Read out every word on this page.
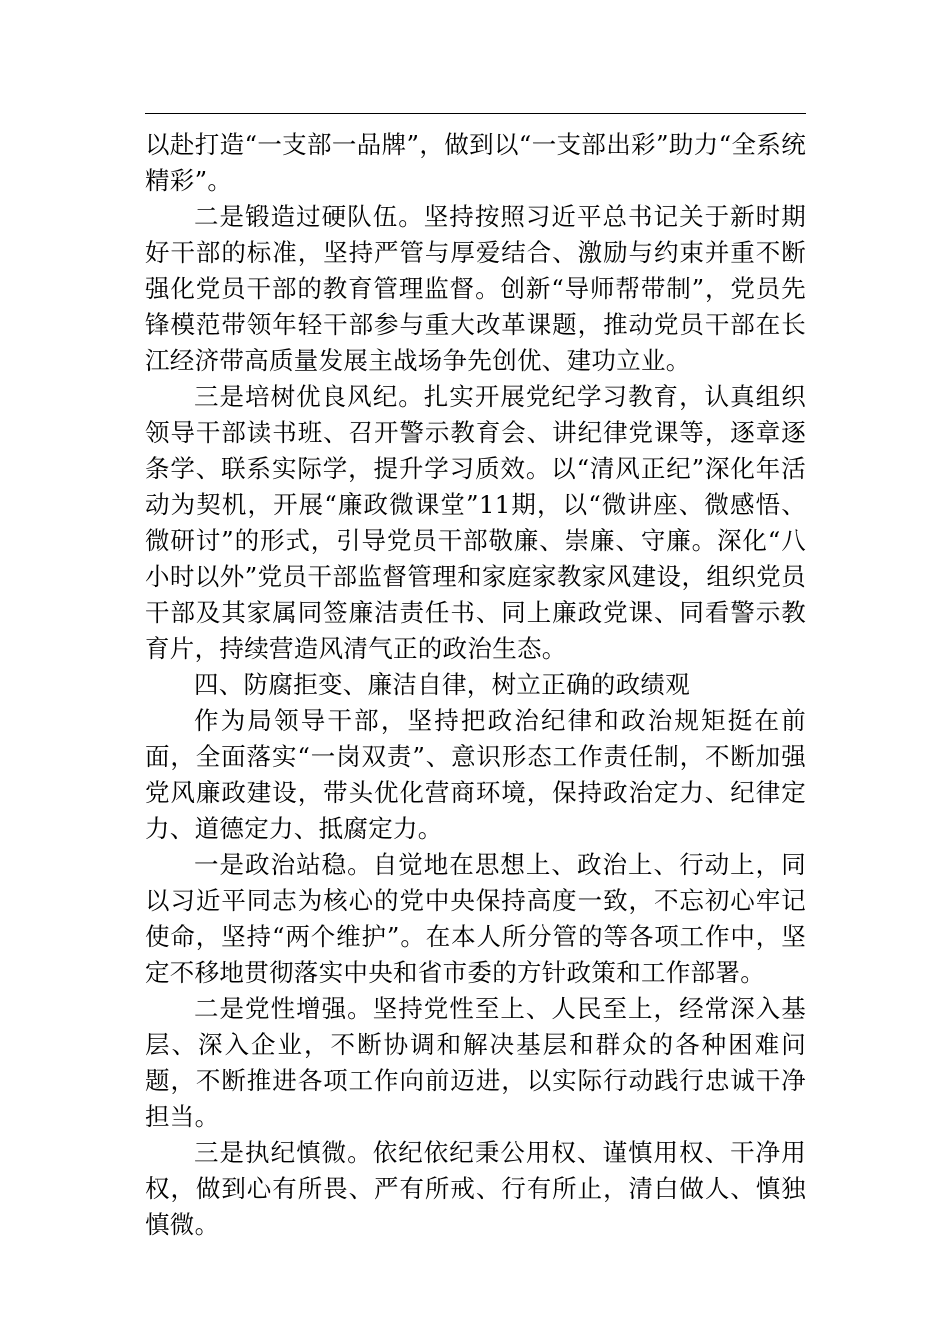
以赴打造“一支部一品牌”，做到以“一支部出彩”助力“全系统精彩”。

二是锻造过硬队伍。坚持按照习近平总书记关于新时期好干部的标准，坚持严管与厚爱结合、激励与约束并重不断强化党员干部的教育管理监督。创新“导师帮带制”，党员先锋模范带领年轻干部参与重大改革课题，推动党员干部在长江经济带高质量发展主战场争先创优、建功立业。

三是培树优良风纪。扎实开展党纪学习教育，认真组织领导干部读书班、召开警示教育会、讲纪律党课等，逐章逐条学、联系实际学，提升学习质效。以“清风正纪”深化年活动为契机，开展“廉政微课堂”11期，以“微讲座、微感悟、微研讨”的形式，引导党员干部敬廉、崇廉、守廉。深化“八小时以外”党员干部监督管理和家庭家教家风建设，组织党员干部及其家属同签廉洁责任书、同上廉政党课、同看警示教育片，持续营造风清气正的政治生态。

四、防腐拒变、廉洁自律，树立正确的政绩观

作为局领导干部，坚持把政治纪律和政治规矩挺在前面，全面落实“一岗双责”、意识形态工作责任制，不断加强党风廉政建设，带头优化营商环境，保持政治定力、纪律定力、道德定力、抵腐定力。

一是政治站稳。自觉地在思想上、政治上、行动上，同以习近平同志为核心的党中央保持高度一致，不忘初心牢记使命，坚持“两个维护”。在本人所分管的等各项工作中，坚定不移地贯彻落实中央和省市委的方针政策和工作部署。

二是党性增强。坚持党性至上、人民至上，经常深入基层、深入企业，不断协调和解决基层和群众的各种困难问题，不断推进各项工作向前迈进，以实际行动践行忠诚干净担当。

三是执纪慎微。依纪依纪秉公用权、谨慎用权、干净用权，做到心有所畏、严有所戒、行有所止，清白做人、慎独慎微。
